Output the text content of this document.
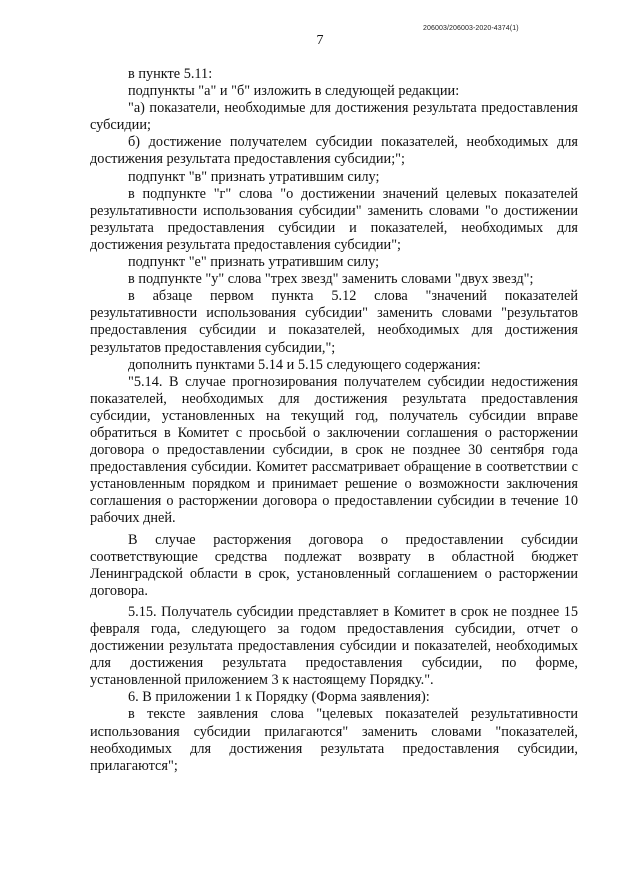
206003/206003-2020-4374(1)
7

в пункте 5.11:

подпункты "а" и "б" изложить в следующей редакции:

"а) показатели, необходимые для достижения результата предоставления субсидии;

б) достижение получателем субсидии показателей, необходимых для достижения результата предоставления субсидии;";

подпункт "в" признать утратившим силу;

в подпункте "г" слова "о достижении значений целевых показателей результативности использования субсидии" заменить словами "о достижении результата предоставления субсидии и показателей, необходимых для достижения результата предоставления субсидии";

подпункт "е" признать утратившим силу;

в подпункте "у" слова "трех звезд" заменить словами "двух звезд";

в абзаце первом пункта 5.12 слова "значений показателей результативности использования субсидии" заменить словами "результатов предоставления субсидии и показателей, необходимых для достижения результатов предоставления субсидии,";

дополнить пунктами 5.14 и 5.15 следующего содержания:

"5.14. В случае прогнозирования получателем субсидии недостижения показателей, необходимых для достижения результата предоставления субсидии, установленных на текущий год, получатель субсидии вправе обратиться в Комитет с просьбой о заключении соглашения о расторжении договора о предоставлении субсидии, в срок не позднее 30 сентября года предоставления субсидии. Комитет рассматривает обращение в соответствии с установленным порядком и принимает решение о возможности заключения соглашения о расторжении договора о предоставлении субсидии в течение 10 рабочих дней.

В случае расторжения договора о предоставлении субсидии соответствующие средства подлежат возврату в областной бюджет Ленинградской области в срок, установленный соглашением о расторжении договора.

5.15. Получатель субсидии представляет в Комитет в срок не позднее 15 февраля года, следующего за годом предоставления субсидии, отчет о достижении результата предоставления субсидии и показателей, необходимых для достижения результата предоставления субсидии, по форме, установленной приложением 3 к настоящему Порядку.".

6. В приложении 1 к Порядку (Форма заявления):

в тексте заявления слова "целевых показателей результативности использования субсидии прилагаются" заменить словами "показателей, необходимых для достижения результата предоставления субсидии, прилагаются";
